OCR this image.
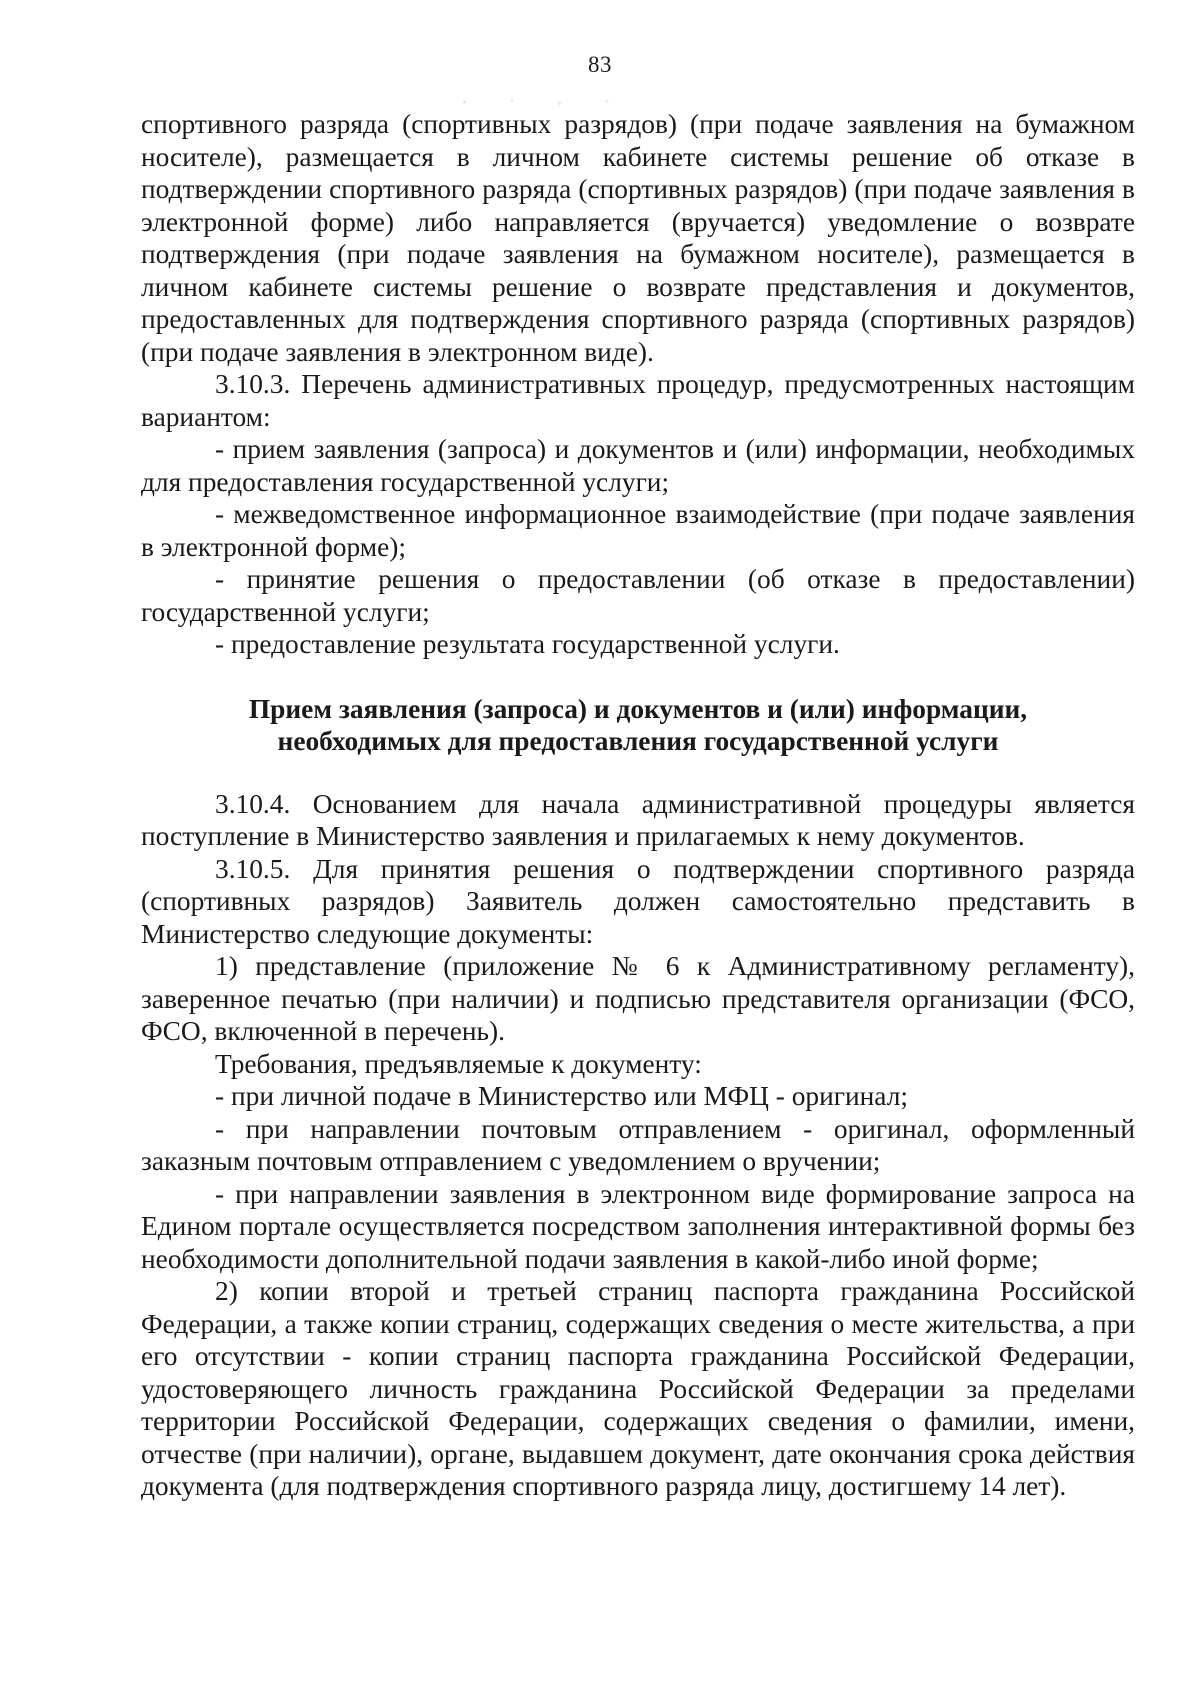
83

спортивного разряда (спортивных разрядов) (при подаче заявления на бумажном носителе), размещается в личном кабинете системы решение об отказе в подтверждении спортивного разряда (спортивных разрядов) (при подаче заявления в электронной форме) либо направляется (вручается) уведомление о возврате подтверждения (при подаче заявления на бумажном носителе), размещается в личном кабинете системы решение о возврате представления и документов, предоставленных для подтверждения спортивного разряда (спортивных разрядов) (при подаче заявления в электронном виде).

3.10.3. Перечень административных процедур, предусмотренных настоящим вариантом:

- прием заявления (запроса) и документов и (или) информации, необходимых для предоставления государственной услуги;

- межведомственное информационное взаимодействие (при подаче заявления в электронной форме);

- принятие решения о предоставлении (об отказе в предоставлении) государственной услуги;

- предоставление результата государственной услуги.

Прием заявления (запроса) и документов и (или) информации,
необходимых для предоставления государственной услуги

3.10.4. Основанием для начала административной процедуры является поступление в Министерство заявления и прилагаемых к нему документов.

3.10.5. Для принятия решения о подтверждении спортивного разряда (спортивных разрядов) Заявитель должен самостоятельно представить в Министерство следующие документы:

1) представление (приложение № 6 к Административному регламенту), заверенное печатью (при наличии) и подписью представителя организации (ФСО, ФСО, включенной в перечень).

Требования, предъявляемые к документу:

- при личной подаче в Министерство или МФЦ - оригинал;

- при направлении почтовым отправлением - оригинал, оформленный заказным почтовым отправлением с уведомлением о вручении;

- при направлении заявления в электронном виде формирование запроса на Едином портале осуществляется посредством заполнения интерактивной формы без необходимости дополнительной подачи заявления в какой-либо иной форме;

2) копии второй и третьей страниц паспорта гражданина Российской Федерации, а также копии страниц, содержащих сведения о месте жительства, а при его отсутствии - копии страниц паспорта гражданина Российской Федерации, удостоверяющего личность гражданина Российской Федерации за пределами территории Российской Федерации, содержащих сведения о фамилии, имени, отчестве (при наличии), органе, выдавшем документ, дате окончания срока действия документа (для подтверждения спортивного разряда лицу, достигшему 14 лет).
